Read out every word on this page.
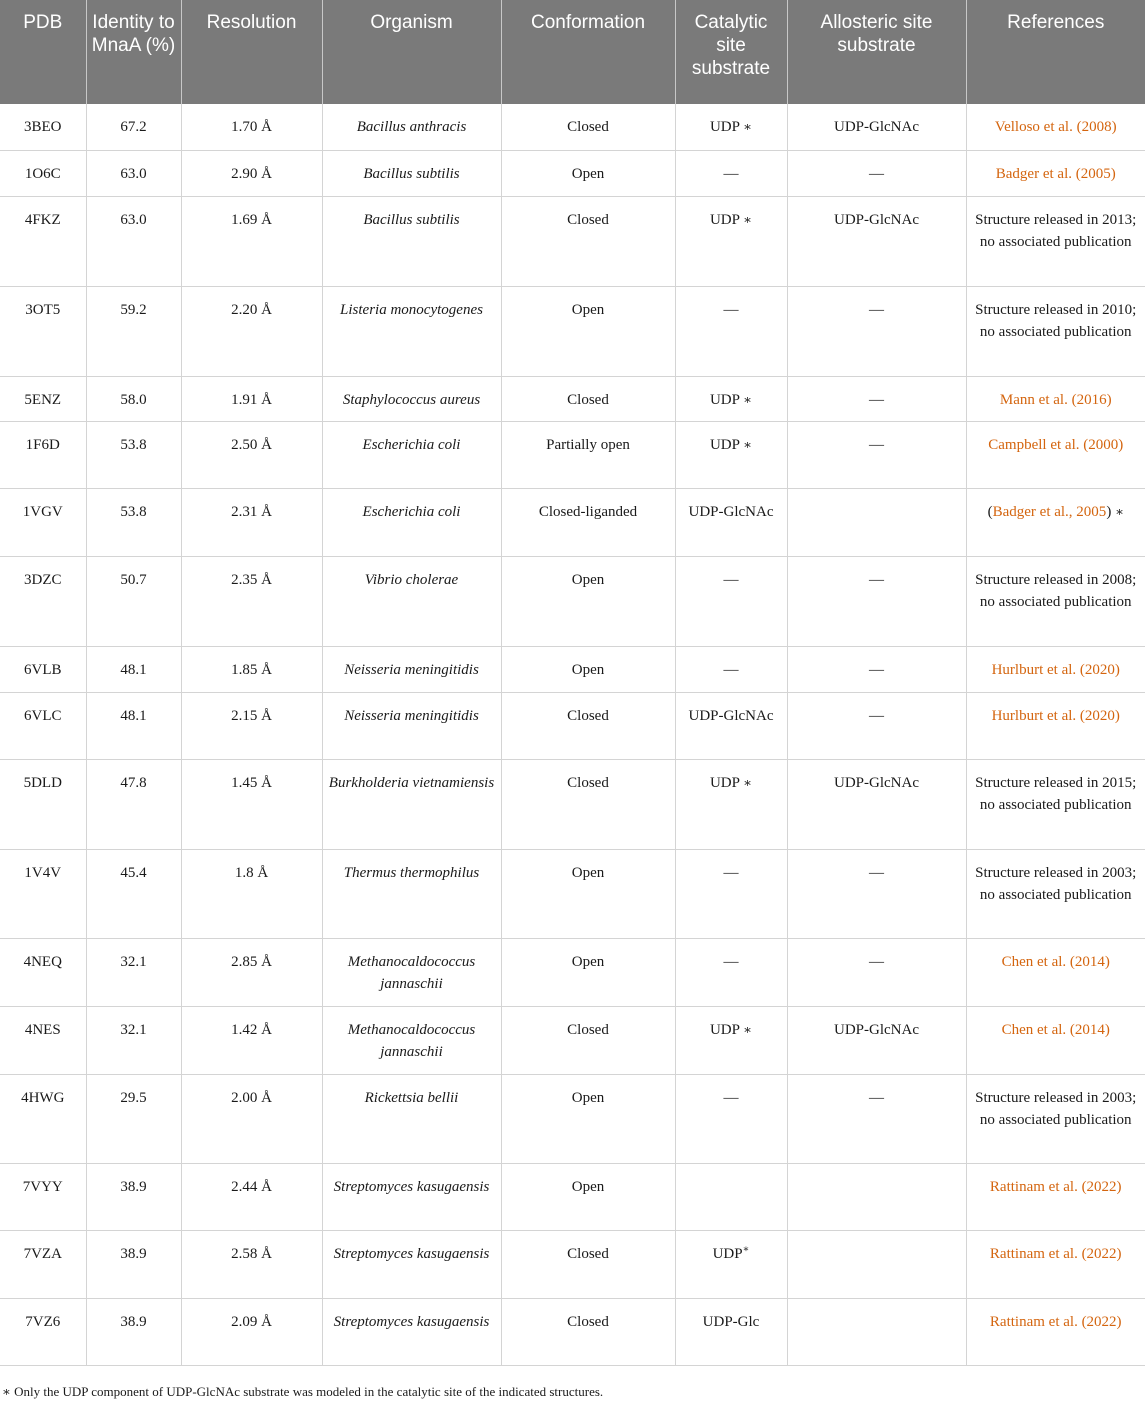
PDB	Identity to MnaA (%)	Resolution	Organism	Conformation	Catalytic site substrate	Allosteric site substrate	References
3BEO	67.2	1.70 Å	Bacillus anthracis	Closed	UDP ∗	UDP-GlcNAc	Velloso et al. (2008)
1O6C	63.0	2.90 Å	Bacillus subtilis	Open	—	—	Badger et al. (2005)
4FKZ	63.0	1.69 Å	Bacillus subtilis	Closed	UDP ∗	UDP-GlcNAc	Structure released in 2013; no associated publication
3OT5	59.2	2.20 Å	Listeria monocytogenes	Open	—	—	Structure released in 2010; no associated publication
5ENZ	58.0	1.91 Å	Staphylococcus aureus	Closed	UDP ∗	—	Mann et al. (2016)
1F6D	53.8	2.50 Å	Escherichia coli	Partially open	UDP ∗	—	Campbell et al. (2000)
1VGV	53.8	2.31 Å	Escherichia coli	Closed-liganded	UDP-GlcNAc		(Badger et al., 2005) ∗
3DZC	50.7	2.35 Å	Vibrio cholerae	Open	—	—	Structure released in 2008; no associated publication
6VLB	48.1	1.85 Å	Neisseria meningitidis	Open	—	—	Hurlburt et al. (2020)
6VLC	48.1	2.15 Å	Neisseria meningitidis	Closed	UDP-GlcNAc	—	Hurlburt et al. (2020)
5DLD	47.8	1.45 Å	Burkholderia vietnamiensis	Closed	UDP ∗	UDP-GlcNAc	Structure released in 2015; no associated publication
1V4V	45.4	1.8 Å	Thermus thermophilus	Open	—	—	Structure released in 2003; no associated publication
4NEQ	32.1	2.85 Å	Methanocaldococcus jannaschii	Open	—	—	Chen et al. (2014)
4NES	32.1	1.42 Å	Methanocaldococcus jannaschii	Closed	UDP ∗	UDP-GlcNAc	Chen et al. (2014)
4HWG	29.5	2.00 Å	Rickettsia bellii	Open	—	—	Structure released in 2003; no associated publication
7VYY	38.9	2.44 Å	Streptomyces kasugaensis	Open			Rattinam et al. (2022)
7VZA	38.9	2.58 Å	Streptomyces kasugaensis	Closed	UDP∗		Rattinam et al. (2022)
7VZ6	38.9	2.09 Å	Streptomyces kasugaensis	Closed	UDP-Glc		Rattinam et al. (2022)
∗ Only the UDP component of UDP-GlcNAc substrate was modeled in the catalytic site of the indicated structures.
